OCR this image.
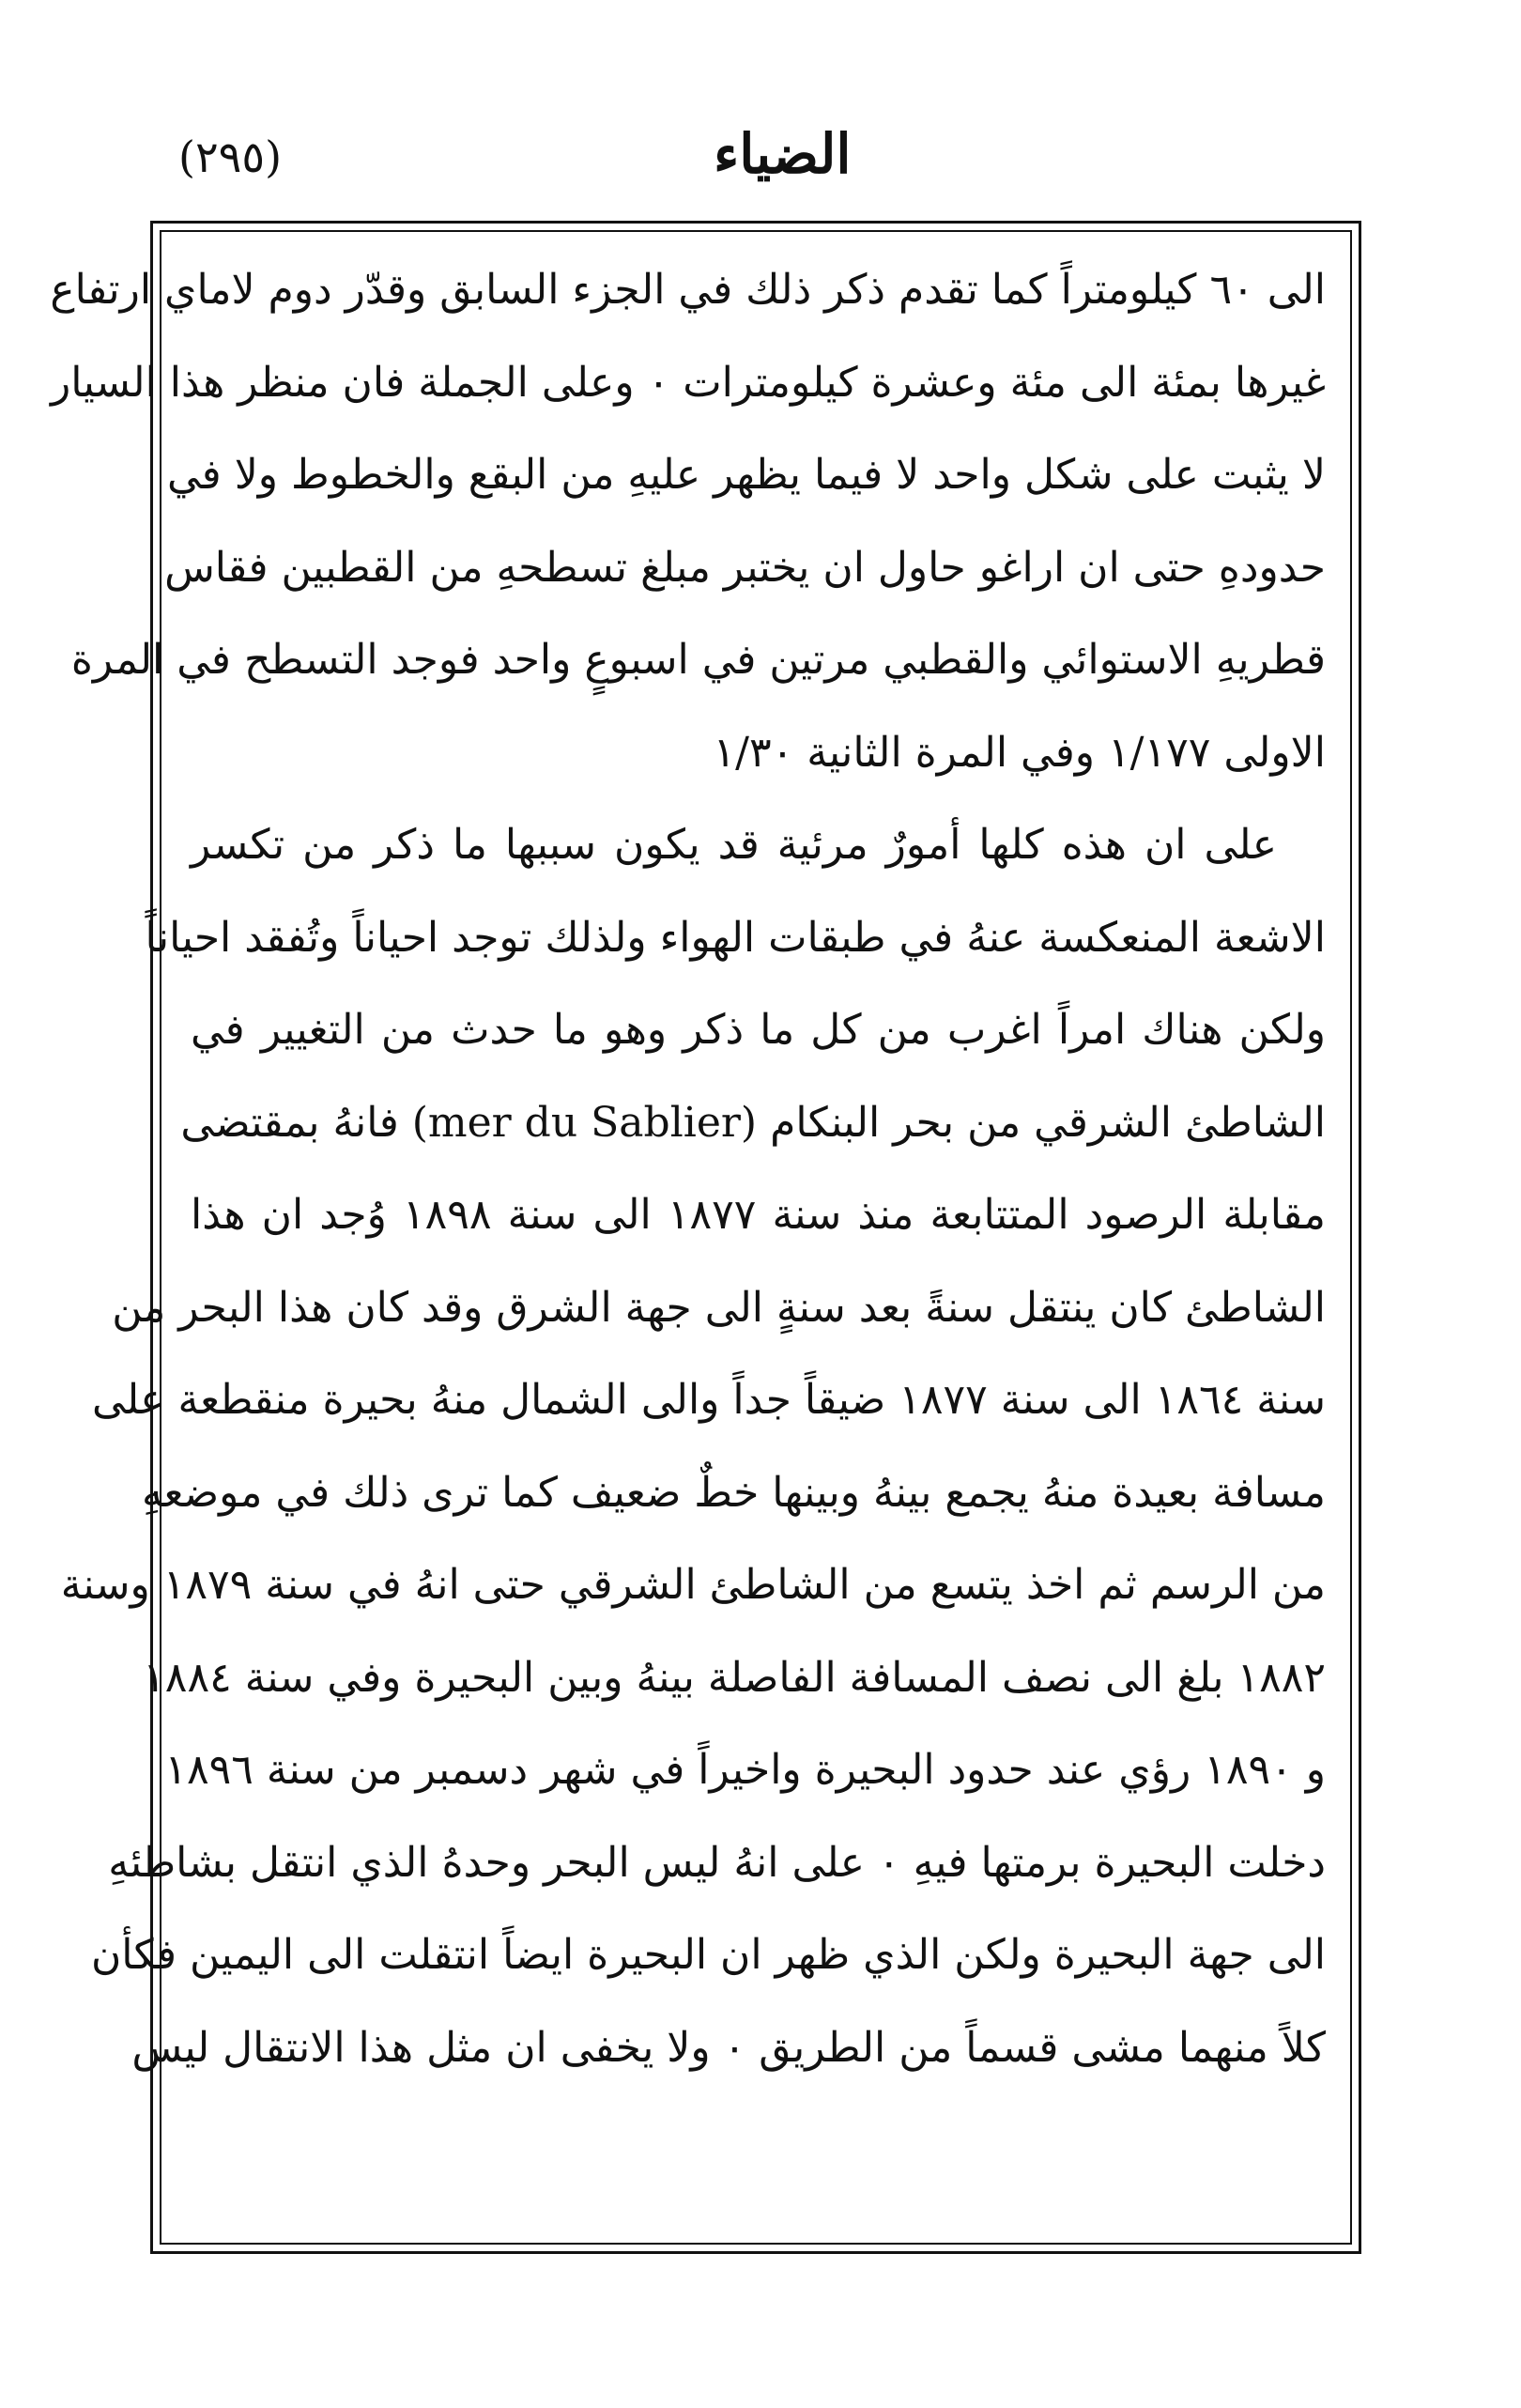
(٢٩٥)	الضياء
الى ٦٠ كيلومتراً كما تقدم ذكر ذلك في الجزء السابق وقدّر دوم لاماي ارتفاع
غيرها بمئة الى مئة وعشرة كيلومترات ٠ وعلى الجملة فان منظر هذا السيار
لا يثبت على شكل واحد لا فيما يظهر عليهِ من البقع والخطوط ولا في
حدودهِ حتى ان اراغو حاول ان يختبر مبلغ تسطحهِ من القطبين فقاس
قطريهِ الاستوائي والقطبي مرتين في اسبوعٍ واحد فوجد التسطح في المرة
الاولى ١/١٧٧ وفي المرة الثانية ١/٣٠
على ان هذه كلها أمورٌ مرئية قد يكون سببها ما ذكر من تكسر
الاشعة المنعكسة عنهُ في طبقات الهواء ولذلك توجد احياناً وتُفقد احياناً
ولكن هناك امراً اغرب من كل ما ذكر وهو ما حدث من التغيير في
الشاطئ الشرقي من بحر البنكام (mer du Sablier) فانهُ بمقتضى
مقابلة الرصود المتتابعة منذ سنة ١٨٧٧ الى سنة ١٨٩٨ وُجد ان هذا
الشاطئ كان ينتقل سنةً بعد سنةٍ الى جهة الشرق وقد كان هذا البحر من
سنة ١٨٦٤ الى سنة ١٨٧٧ ضيقاً جداً والى الشمال منهُ بحيرة منقطعة على
مسافة بعيدة منهُ يجمع بينهُ وبينها خطٌ ضعيف كما ترى ذلك في موضعهِ
من الرسم ثم اخذ يتسع من الشاطئ الشرقي حتى انهُ في سنة ١٨٧٩ وسنة
١٨٨٢ بلغ الى نصف المسافة الفاصلة بينهُ وبين البحيرة وفي سنة ١٨٨٤
و ١٨٩٠ رؤي عند حدود البحيرة واخيراً في شهر دسمبر من سنة ١٨٩٦
دخلت البحيرة برمتها فيهِ ٠ على انهُ ليس البحر وحدهُ الذي انتقل بشاطئهِ
الى جهة البحيرة ولكن الذي ظهر ان البحيرة ايضاً انتقلت الى اليمين فكأن
كلاً منهما مشى قسماً من الطريق ٠ ولا يخفى ان مثل هذا الانتقال ليس
